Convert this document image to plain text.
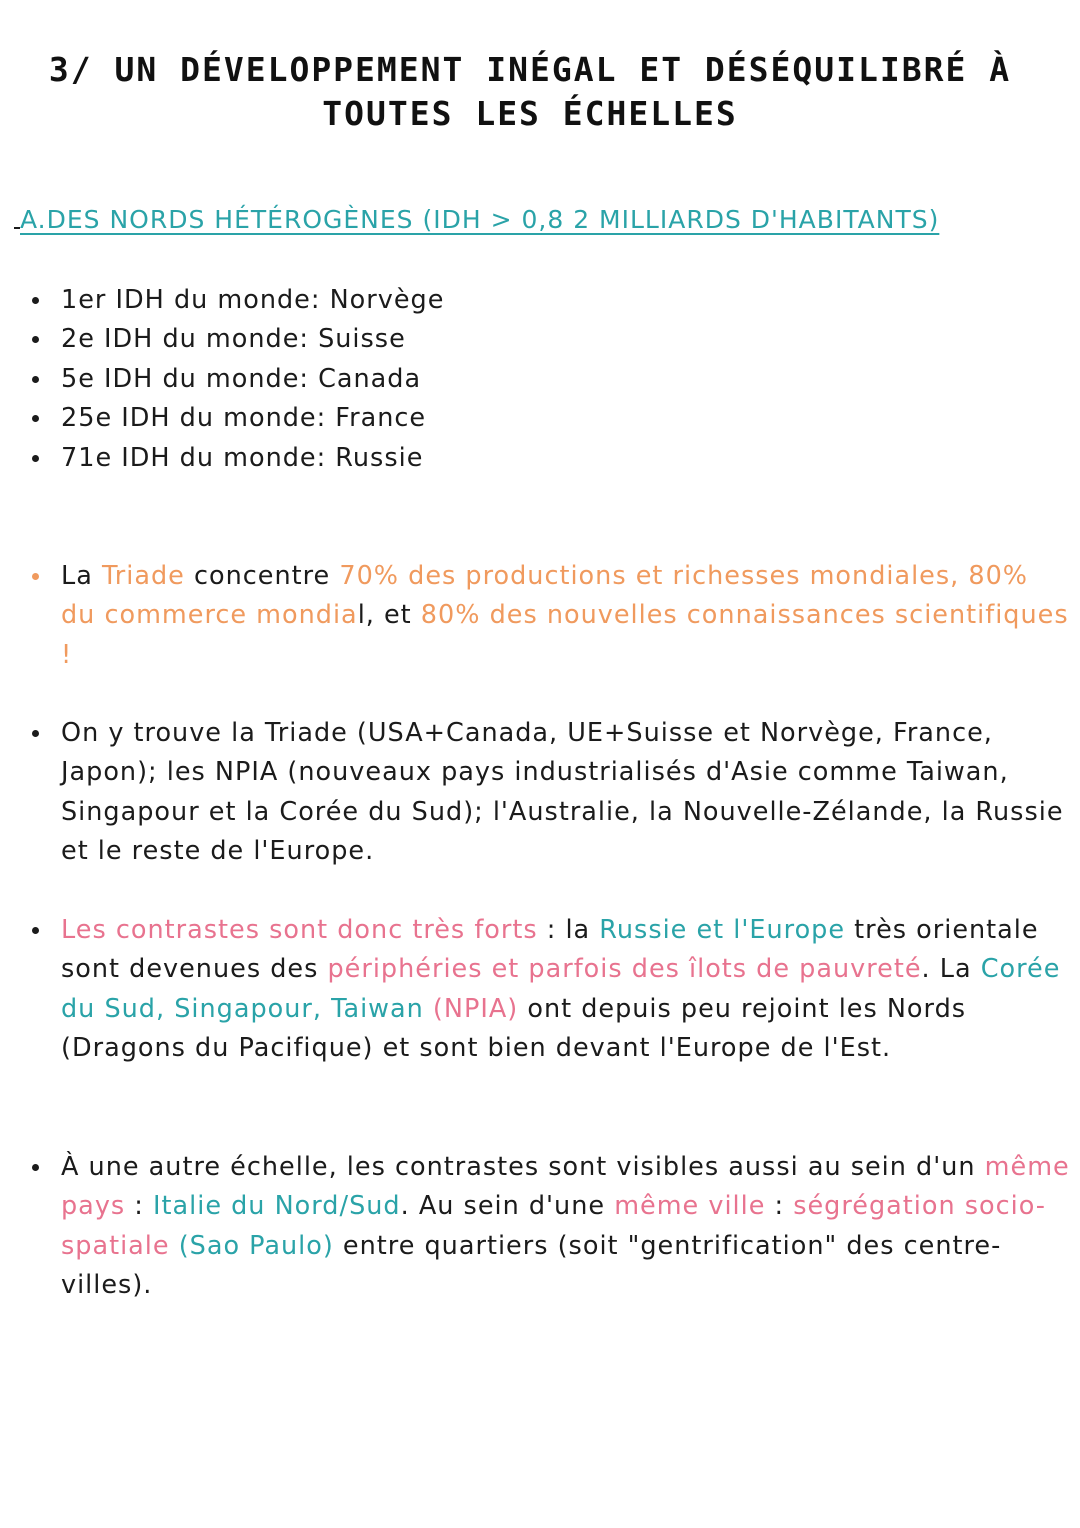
3/ UN DÉVELOPPEMENT INÉGAL ET DÉSÉQUILIBRÉ À
TOUTES LES ÉCHELLES
A.DES NORDS HÉTÉROGÈNES (IDH > 0,8 2 MILLIARDS D'HABITANTS)
1er IDH du monde: Norvège
2e IDH du monde: Suisse
5e IDH du monde: Canada
25e IDH du monde: France
71e IDH du monde: Russie
La Triade concentre 70% des productions et richesses mondiales, 80% du commerce mondial, et 80% des nouvelles connaissances scientifiques !
On y trouve la Triade (USA+Canada, UE+Suisse et Norvège, France, Japon); les NPIA (nouveaux pays industrialisés d'Asie comme Taiwan, Singapour et la Corée du Sud); l'Australie, la Nouvelle-Zélande, la Russie et le reste de l'Europe.
Les contrastes sont donc très forts : la Russie et l'Europe très orientale sont devenues des périphéries et parfois des îlots de pauvreté. La Corée du Sud, Singapour, Taiwan (NPIA) ont depuis peu rejoint les Nords (Dragons du Pacifique) et sont bien devant l'Europe de l'Est.
À une autre échelle, les contrastes sont visibles aussi au sein d'un même pays : Italie du Nord/Sud. Au sein d'une même ville : ségrégation socio-spatiale (Sao Paulo) entre quartiers (soit "gentrification" des centre-villes).
